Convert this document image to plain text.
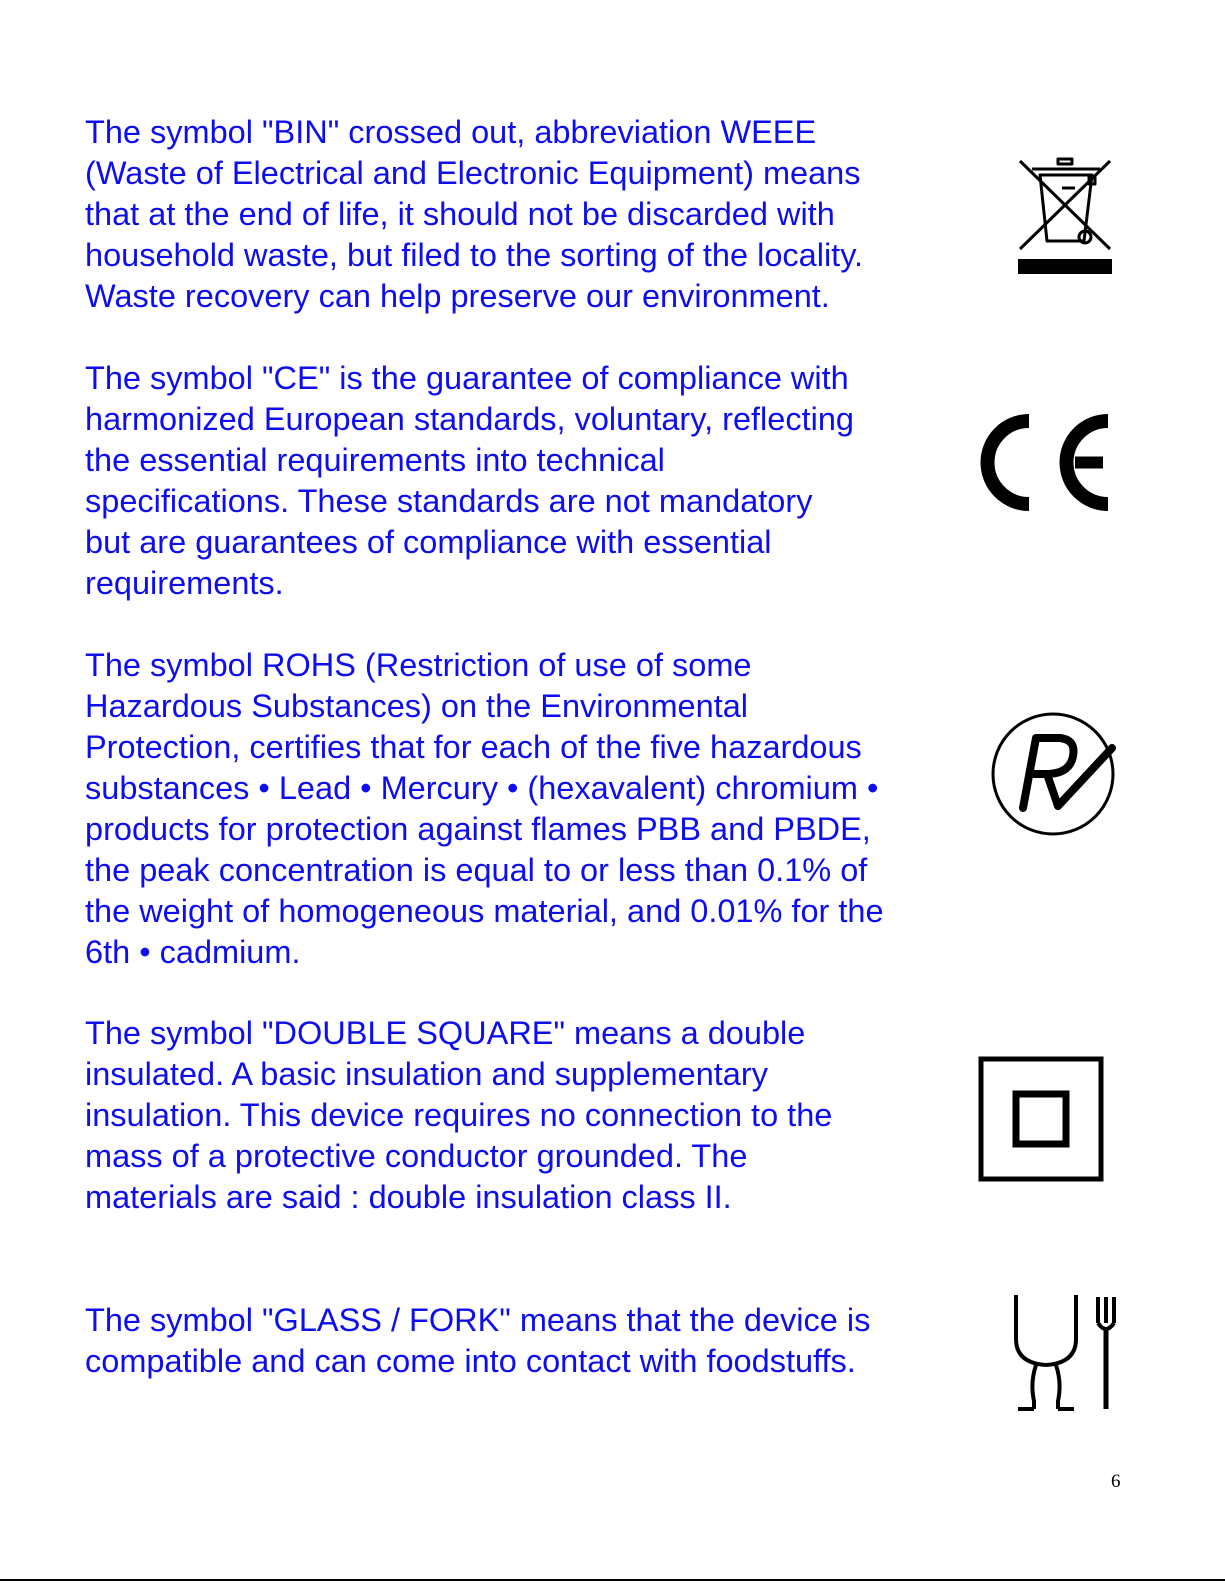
The symbol "BIN" crossed out, abbreviation WEEE
(Waste of Electrical and Electronic Equipment) means
that at the end of life, it should not be discarded with
household waste, but filed to the sorting of the locality.
Waste recovery can help preserve our environment.

The symbol "CE" is the guarantee of compliance with
harmonized European standards, voluntary, reflecting
the essential requirements into technical
specifications. These standards are not mandatory
but are guarantees of compliance with essential
requirements.

The symbol ROHS (Restriction of use of some
Hazardous Substances) on the Environmental
Protection, certifies that for each of the five hazardous
substances • Lead • Mercury • (hexavalent) chromium •
products for protection against flames PBB and PBDE,
the peak concentration is equal to or less than 0.1% of
the weight of homogeneous material, and 0.01% for the
6th • cadmium.

The symbol "DOUBLE SQUARE" means a double
insulated. A basic insulation and supplementary
insulation. This device requires no connection to the
mass of a protective conductor grounded. The
materials are said : double insulation class II.

The symbol "GLASS / FORK" means that the device is
compatible and can come into contact with foodstuffs.

6
